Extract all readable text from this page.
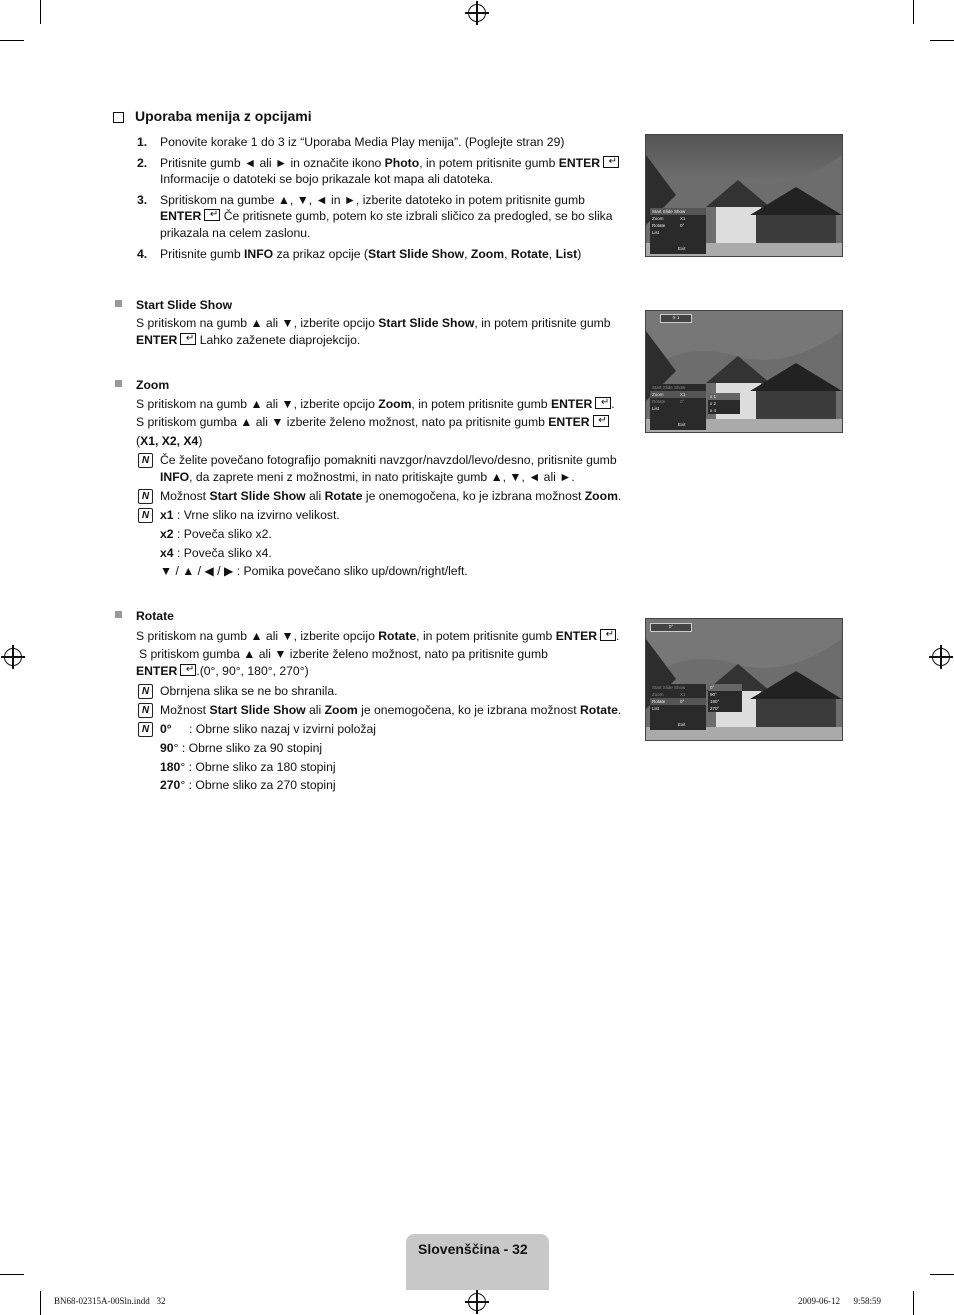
Uporaba menija z opcijami
1. Ponovite korake 1 do 3 iz “Uporaba Media Play menija”. (Poglejte stran 29)
2. Pritisnite gumb ◄ ali ► in označite ikono Photo, in potem pritisnite gumb ENTER↵
Informacije o datoteki se bojo prikazale kot mapa ali datoteka.
3. Spritiskom na gumbe ▲, ▼, ◄ in ►, izberite datoteko in potem pritisnite gumb
ENTER↵ Če pritisnete gumb, potem ko ste izbrali sličico za predogled, se bo slika
prikazala na celem zaslonu.
4. Pritisnite gumb INFO za prikaz opcije (Start Slide Show, Zoom, Rotate, List)
Start Slide Show
Zoom	X1
Rotate	0°
List
Exit
Start Slide Show
S pritiskom na gumb ▲ ali ▼, izberite opcijo Start Slide Show, in potem pritisnite gumb
ENTER↵ Lahko zaženete diaprojekcijo.
X 1
Start Slide Show
Zoom	X1
Rotate	0°
List
Exit
x 1
x 2
x 4
Zoom
S pritiskom na gumb ▲ ali ▼, izberite opcijo Zoom, in potem pritisnite gumb ENTER ↵ .
S pritiskom gumba ▲ ali ▼ izberite želeno možnost, nato pa pritisnite gumb ENTER↵
(X1, X2, X4)
N Če želite povečano fotografijo pomakniti navzgor/navzdol/levo/desno, pritisnite gumb
INFO, da zaprete meni z možnostmi, in nato pritiskajte gumb ▲, ▼, ◄ ali ►.
N Možnost Start Slide Show ali Rotate je onemogočena, ko je izbrana možnost Zoom.
N x1 : Vrne sliko na izvirno velikost.
x2 : Poveča sliko x2.
x4 : Poveča sliko x4.
▼ / ▲ / ◀ / ▶ : Pomika povečano sliko up/down/right/left.
0°
Start Slide Show
Zoom	X1
Rotate	0°
List
Exit
0°
90°
180°
270°
Rotate
S pritiskom na gumb ▲ ali ▼, izberite opcijo Rotate, in potem pritisnite gumb ENTER ↵ .
S pritiskom gumba ▲ ali ▼ izberite želeno možnost, nato pa pritisnite gumb
ENTER ↵ .(0°, 90°, 180°, 270°)
N Obrnjena slika se ne bo shranila.
N Možnost Start Slide Show ali Zoom je onemogočena, ko je izbrana možnost Rotate.
N 0° : Obrne sliko nazaj v izvirni položaj
90° : Obrne sliko za 90 stopinj
180° : Obrne sliko za 180 stopinj
270° : Obrne sliko za 270 stopinj
Slovenščina - 32
BN68-02315A-00Sln.indd   32	2009-06-12      9:58:59
